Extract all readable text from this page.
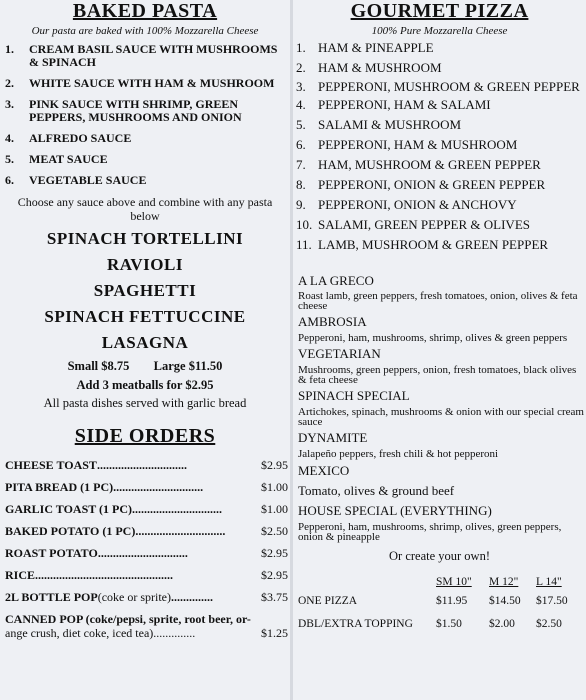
BAKED PASTA
Our pasta are baked with 100% Mozzarella Cheese
1.	CREAM BASIL SAUCE WITH MUSHROOMS & SPINACH
2.	WHITE SAUCE WITH HAM & MUSHROOM
3.	PINK SAUCE WITH SHRIMP, GREEN PEPPERS, MUSHROOMS AND ONION
4.	ALFREDO SAUCE
5.	MEAT SAUCE
6.	VEGETABLE SAUCE
Choose any sauce above and combine with any pasta below
SPINACH TORTELLINI
RAVIOLI
SPAGHETTI
SPINACH FETTUCCINE
LASAGNA
Small $8.75 Large $11.50
Add 3 meatballs for $2.95
All pasta dishes served with garlic bread
SIDE ORDERS
CHEESE TOAST ..............................	$2.95
PITA BREAD (1 PC) ..............................	$1.00
GARLIC TOAST (1 PC) ..............................	$1.00
BAKED POTATO (1 PC) ..............................	$2.50
ROAST POTATO ..............................	$2.95
RICE ..............................................	$2.95
2L BOTTLE POP (coke or sprite) ..............	$3.75
CANNED POP (coke/pepsi, sprite, root beer, or-
ange crush, diet coke, iced tea) ..............	$1.25
GOURMET PIZZA
100% Pure Mozzarella Cheese
1. HAM & PINEAPPLE
2. HAM & MUSHROOM
3. PEPPERONI, MUSHROOM & GREEN PEPPER
4. PEPPERONI, HAM & SALAMI
5. SALAMI & MUSHROOM
6. PEPPERONI, HAM & MUSHROOM
7. HAM, MUSHROOM & GREEN PEPPER
8. PEPPERONI, ONION & GREEN PEPPER
9. PEPPERONI, ONION & ANCHOVY
10. SALAMI, GREEN PEPPER & OLIVES
11. LAMB, MUSHROOM & GREEN PEPPER
A LA GRECO
Roast lamb, green peppers, fresh tomatoes, onion, olives & feta cheese
AMBROSIA
Pepperoni, ham, mushrooms, shrimp, olives & green peppers
VEGETARIAN
Mushrooms, green peppers, onion, fresh tomatoes, black olives & feta cheese
SPINACH SPECIAL
Artichokes, spinach, mushrooms & onion with our special cream sauce
DYNAMITE
Jalapeño peppers, fresh chili & hot pepperoni
MEXICO
Tomato, olives & ground beef
HOUSE SPECIAL (EVERYTHING)
Pepperoni, ham, mushrooms, shrimp, olives, green peppers, onion & pineapple
Or create your own!
	SM 10"	M 12"	L 14"
ONE PIZZA	$11.95	$14.50	$17.50
DBL/EXTRA TOPPING	$1.50	$2.00	$2.50
